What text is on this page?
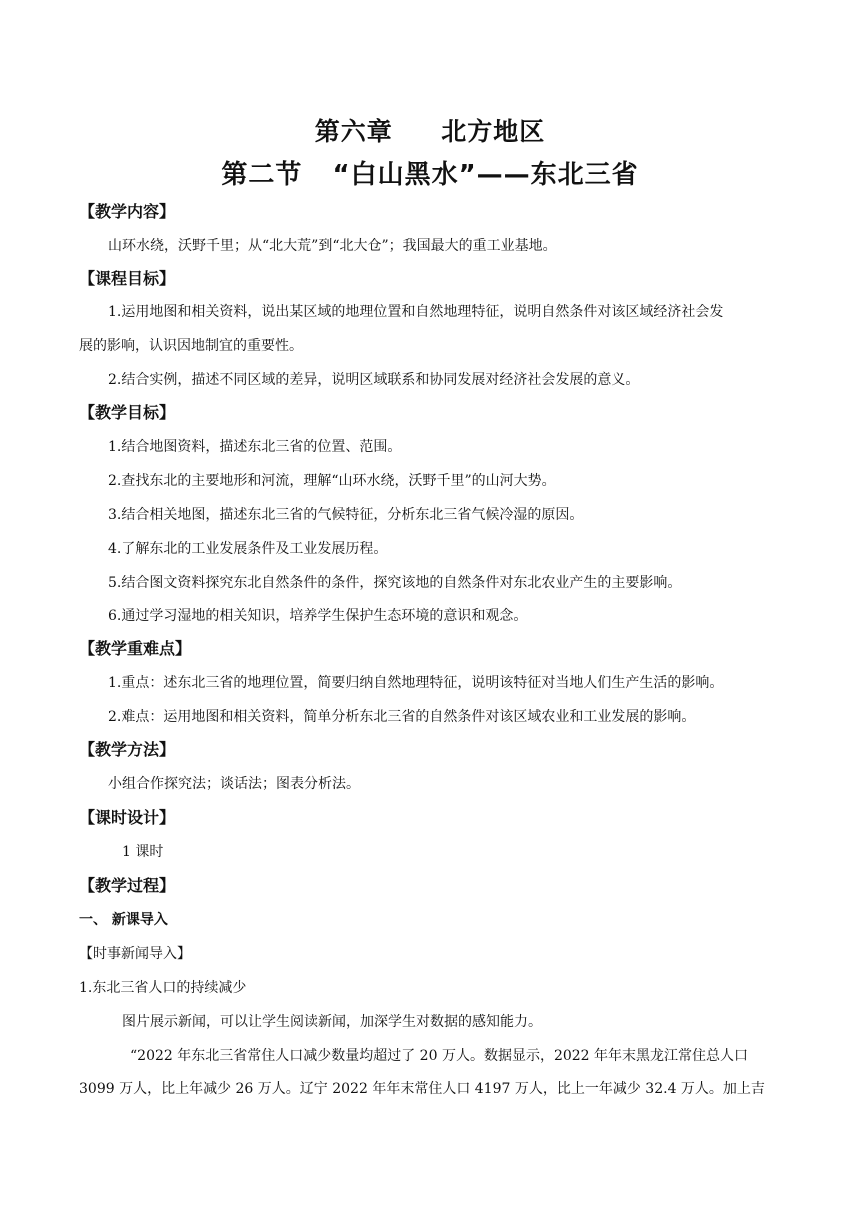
第六章     北方地区
第二节   “白山黑水”——东北三省
【教学内容】
山环水绕，沃野千里；从“北大荒”到“北大仓”；我国最大的重工业基地。
【课程目标】
1.运用地图和相关资料，说出某区域的地理位置和自然地理特征，说明自然条件对该区域经济社会发
展的影响，认识因地制宜的重要性。
2.结合实例，描述不同区域的差异，说明区域联系和协同发展对经济社会发展的意义。
【教学目标】
1.结合地图资料，描述东北三省的位置、范围。
2.查找东北的主要地形和河流，理解“山环水绕，沃野千里”的山河大势。
3.结合相关地图，描述东北三省的气候特征，分析东北三省气候冷湿的原因。
4.了解东北的工业发展条件及工业发展历程。
5.结合图文资料探究东北自然条件的条件，探究该地的自然条件对东北农业产生的主要影响。
6.通过学习湿地的相关知识，培养学生保护生态环境的意识和观念。
【教学重难点】
1.重点：述东北三省的地理位置，简要归纳自然地理特征，说明该特征对当地人们生产生活的影响。
2.难点：运用地图和相关资料，简单分析东北三省的自然条件对该区域农业和工业发展的影响。
【教学方法】
小组合作探究法；谈话法；图表分析法。
【课时设计】
1 课时
【教学过程】
一、 新课导入
【时事新闻导入】
1.东北三省人口的持续减少
图片展示新闻，可以让学生阅读新闻，加深学生对数据的感知能力。
“2022 年东北三省常住人口减少数量均超过了 20 万人。数据显示，2022 年年末黑龙江常住总人口
3099 万人，比上年减少 26 万人。辽宁 2022 年年末常住人口 4197 万人，比上一年减少 32.4 万人。加上吉
